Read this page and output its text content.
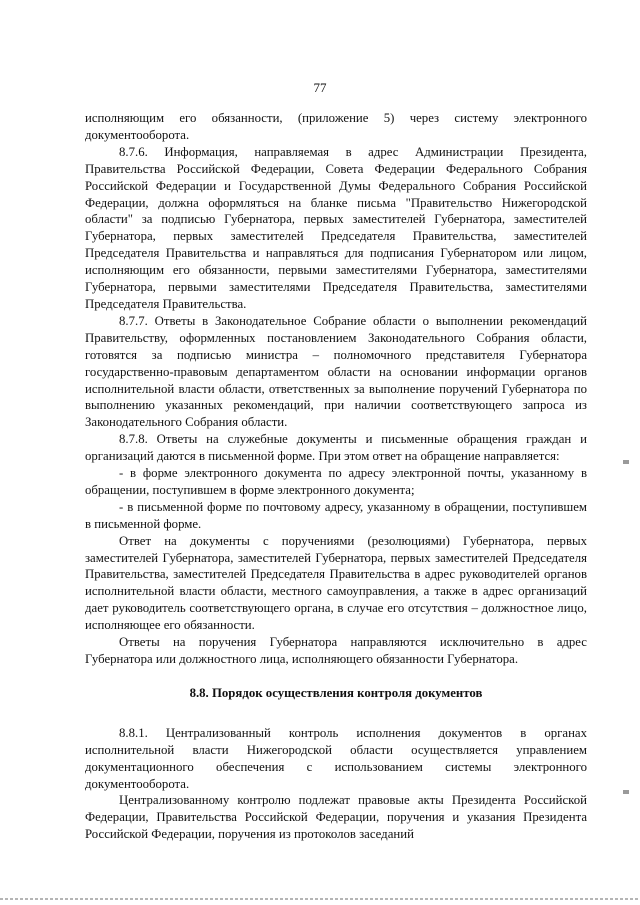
77

исполняющим его обязанности, (приложение 5) через систему электронного документооборота.

8.7.6. Информация, направляемая в адрес Администрации Президента, Правительства Российской Федерации, Совета Федерации Федерального Собрания Российской Федерации и Государственной Думы Федерального Собрания Российской Федерации, должна оформляться на бланке письма "Правительство Нижегородской области" за подписью Губернатора, первых заместителей Губернатора, заместителей Губернатора, первых заместителей Председателя Правительства, заместителей Председателя Правительства и направляться для подписания Губернатором или лицом, исполняющим его обязанности, первыми заместителями Губернатора, заместителями Губернатора, первыми заместителями Председателя Правительства, заместителями Председателя Правительства.

8.7.7. Ответы в Законодательное Собрание области о выполнении рекомендаций Правительству, оформленных постановлением Законодательного Собрания области, готовятся за подписью министра – полномочного представителя Губернатора государственно-правовым департаментом области на основании информации органов исполнительной власти области, ответственных за выполнение поручений Губернатора по выполнению указанных рекомендаций, при наличии соответствующего запроса из Законодательного Собрания области.

8.7.8. Ответы на служебные документы и письменные обращения граждан и организаций даются в письменной форме. При этом ответ на обращение направляется:

- в форме электронного документа по адресу электронной почты, указанному в обращении, поступившем в форме электронного документа;

- в письменной форме по почтовому адресу, указанному в обращении, поступившем в письменной форме.

Ответ на документы с поручениями (резолюциями) Губернатора, первых заместителей Губернатора, заместителей Губернатора, первых заместителей Председателя Правительства, заместителей Председателя Правительства в адрес руководителей органов исполнительной власти области, местного самоуправления, а также в адрес организаций дает руководитель соответствующего органа, в случае его отсутствия – должностное лицо, исполняющее его обязанности.

Ответы на поручения Губернатора направляются исключительно в адрес Губернатора или должностного лица, исполняющего обязанности Губернатора.

8.8. Порядок осуществления контроля документов

8.8.1. Централизованный контроль исполнения документов в органах исполнительной власти Нижегородской области осуществляется управлением документационного обеспечения с использованием системы электронного документооборота.

Централизованному контролю подлежат правовые акты Президента Российской Федерации, Правительства Российской Федерации, поручения и указания Президента Российской Федерации, поручения из протоколов заседаний
